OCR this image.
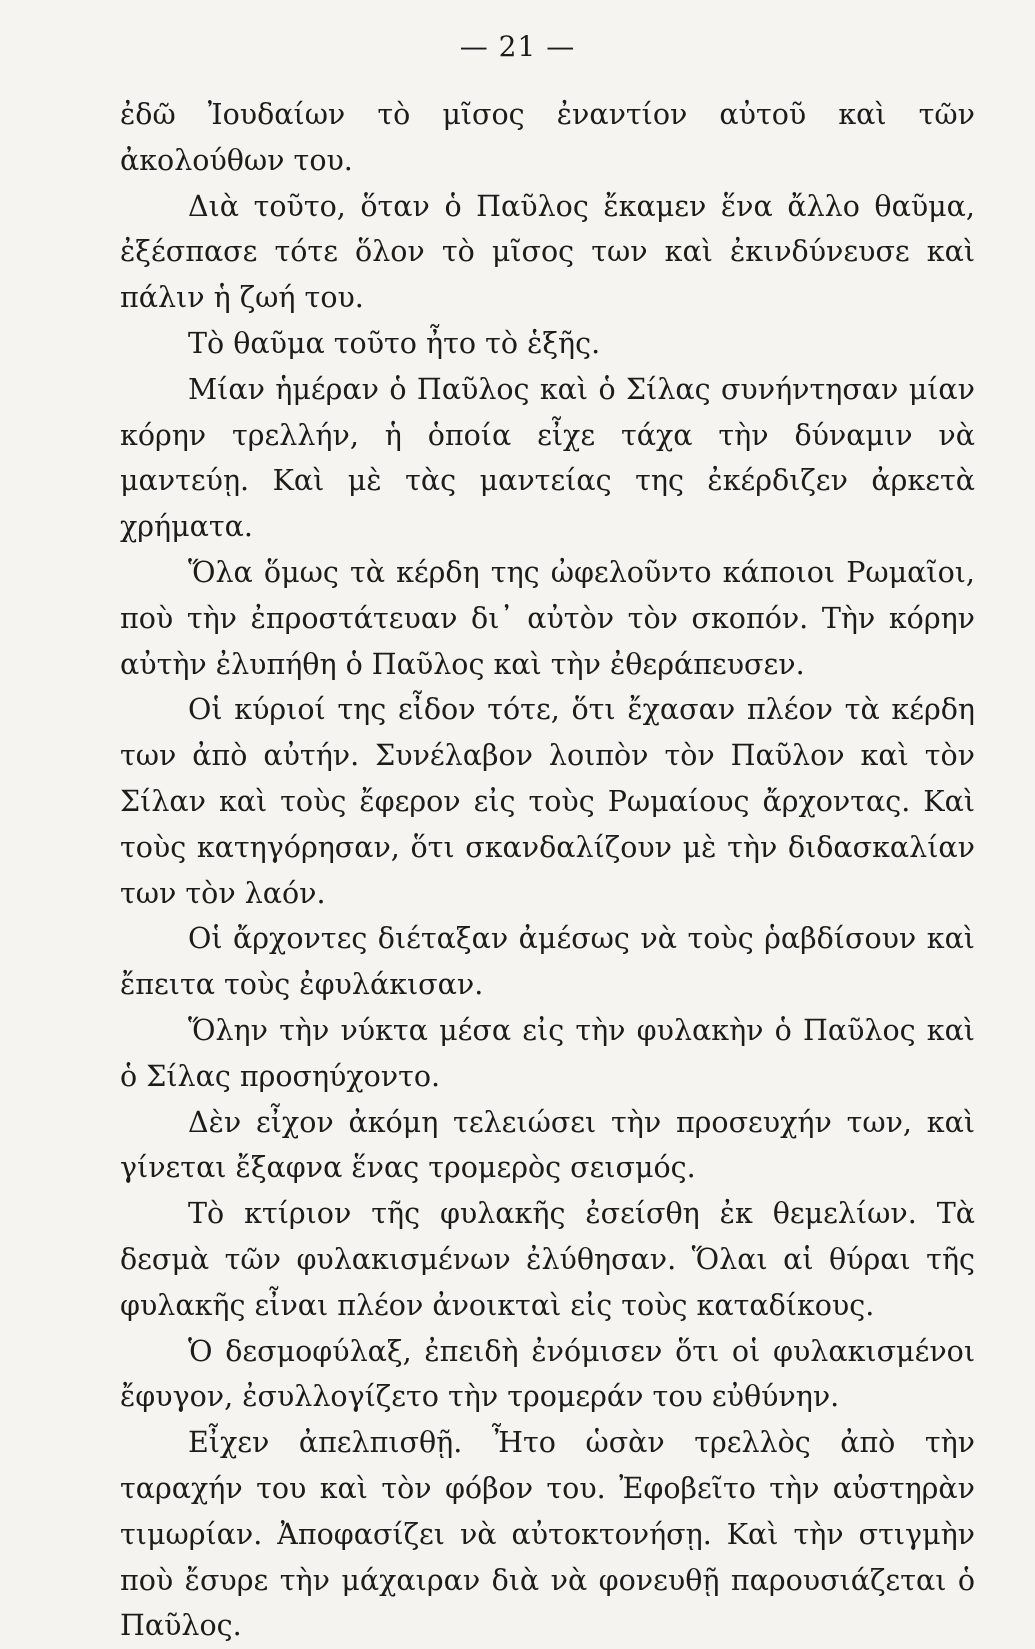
— 21 —

ἐδῶ Ἰουδαίων τὸ μῖσος ἐναντίον αὐτοῦ καὶ τῶν ἀκολούθων του.

Διὰ τοῦτο, ὅταν ὁ Παῦλος ἔκαμεν ἕνα ἄλλο θαῦμα, ἐξέσπασε τότε ὅλον τὸ μῖσος των καὶ ἐκινδύνευσε καὶ πάλιν ἡ ζωή του.

Τὸ θαῦμα τοῦτο ἦτο τὸ ἑξῆς.

Μίαν ἡμέραν ὁ Παῦλος καὶ ὁ Σίλας συνήντησαν μίαν κόρην τρελλήν, ἡ ὁποία εἶχε τάχα τὴν δύναμιν νὰ μαντεύῃ. Καὶ μὲ τὰς μαντείας της ἐκέρδιζεν ἀρκετὰ χρήματα.

Ὅλα ὅμως τὰ κέρδη της ὠφελοῦντο κάποιοι Ρωμαῖοι, ποὺ τὴν ἐπροστάτευαν δι᾽ αὐτὸν τὸν σκοπόν. Τὴν κόρην αὐτὴν ἐλυπήθη ὁ Παῦλος καὶ τὴν ἐθεράπευσεν.

Οἱ κύριοί της εἶδον τότε, ὅτι ἔχασαν πλέον τὰ κέρδη των ἀπὸ αὐτήν. Συνέλαβον λοιπὸν τὸν Παῦλον καὶ τὸν Σίλαν καὶ τοὺς ἔφερον εἰς τοὺς Ρωμαίους ἄρχοντας. Καὶ τοὺς κατηγόρησαν, ὅτι σκανδαλίζουν μὲ τὴν διδασκαλίαν των τὸν λαόν.

Οἱ ἄρχοντες διέταξαν ἀμέσως νὰ τοὺς ῥαβδίσουν καὶ ἔπειτα τοὺς ἐφυλάκισαν.

Ὅλην τὴν νύκτα μέσα εἰς τὴν φυλακὴν ὁ Παῦλος καὶ ὁ Σίλας προσηύχοντο.

Δὲν εἶχον ἀκόμη τελειώσει τὴν προσευχήν των, καὶ γίνεται ἔξαφνα ἕνας τρομερὸς σεισμός.

Τὸ κτίριον τῆς φυλακῆς ἐσείσθη ἐκ θεμελίων. Τὰ δεσμὰ τῶν φυλακισμένων ἐλύθησαν. Ὅλαι αἱ θύραι τῆς φυλακῆς εἶναι πλέον ἀνοικταὶ εἰς τοὺς καταδίκους.

Ὁ δεσμοφύλαξ, ἐπειδὴ ἐνόμισεν ὅτι οἱ φυλακισμένοι ἔφυγον, ἐσυλλογίζετο τὴν τρομεράν του εὐθύνην.

Εἶχεν ἀπελπισθῇ. Ἦτο ὡσὰν τρελλὸς ἀπὸ τὴν ταραχήν του καὶ τὸν φόβον του. Ἐφοβεῖτο τὴν αὐστηρὰν τιμωρίαν. Ἀποφασίζει νὰ αὐτοκτονήσῃ. Καὶ τὴν στιγμὴν ποὺ ἔσυρε τὴν μάχαιραν διὰ νὰ φονευθῇ παρουσιάζεται ὁ Παῦλος.
